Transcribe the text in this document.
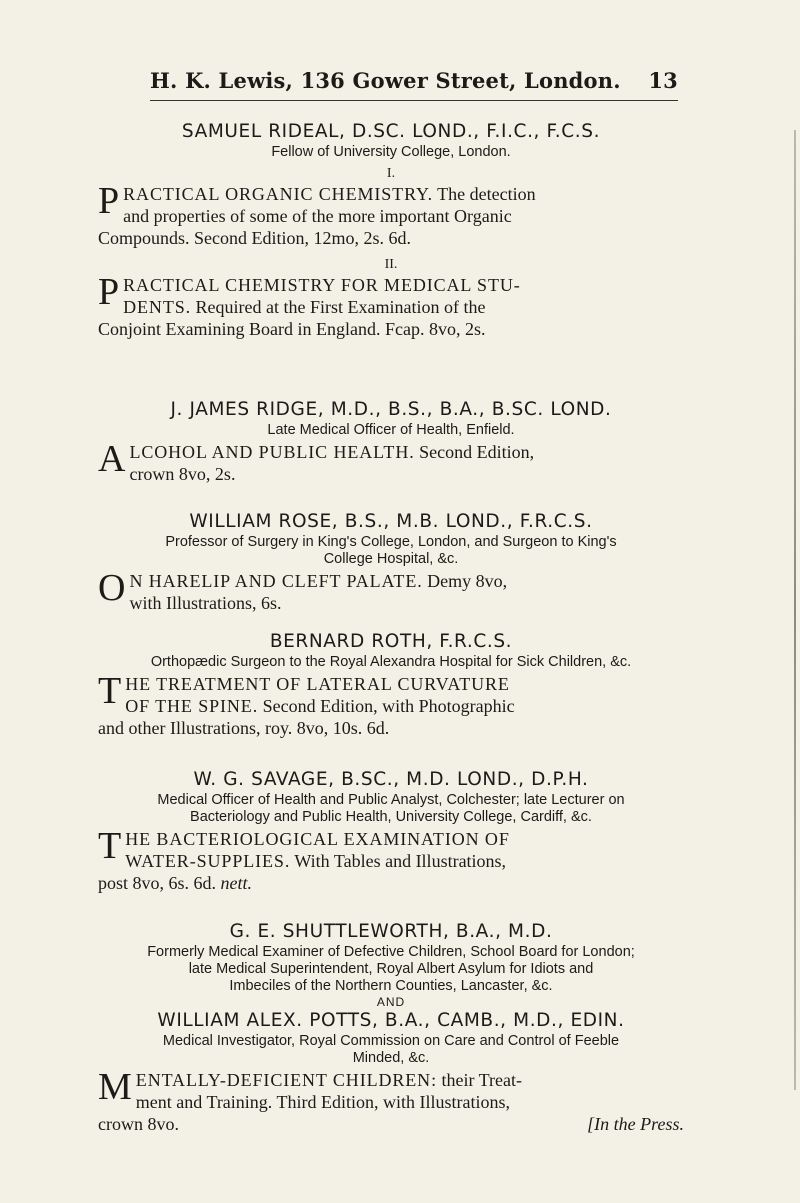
H. K. Lewis, 136 Gower Street, London. 13
SAMUEL RIDEAL, D.SC. LOND., F.I.C., F.C.S.
Fellow of University College, London.
I.
P RACTICAL ORGANIC CHEMISTRY. The detection
and properties of some of the more important Organic
Compounds. Second Edition, 12mo, 2s. 6d.
II.
P RACTICAL CHEMISTRY FOR MEDICAL STU-
DENTS. Required at the First Examination of the
Conjoint Examining Board in England. Fcap. 8vo, 2s.
J. JAMES RIDGE, M.D., B.S., B.A., B.SC. LOND.
Late Medical Officer of Health, Enfield.
A LCOHOL AND PUBLIC HEALTH. Second Edition,
crown 8vo, 2s.
WILLIAM ROSE, B.S., M.B. LOND., F.R.C.S.
Professor of Surgery in King's College, London, and Surgeon to King's
College Hospital, &c.
O N HARELIP AND CLEFT PALATE. Demy 8vo,
with Illustrations, 6s.
BERNARD ROTH, F.R.C.S.
Orthopædic Surgeon to the Royal Alexandra Hospital for Sick Children, &c.
T HE TREATMENT OF LATERAL CURVATURE
OF THE SPINE. Second Edition, with Photographic
and other Illustrations, roy. 8vo, 10s. 6d.
W. G. SAVAGE, B.SC., M.D. LOND., D.P.H.
Medical Officer of Health and Public Analyst, Colchester; late Lecturer on
Bacteriology and Public Health, University College, Cardiff, &c.
T HE BACTERIOLOGICAL EXAMINATION OF
WATER-SUPPLIES. With Tables and Illustrations,
post 8vo, 6s. 6d. nett.
G. E. SHUTTLEWORTH, B.A., M.D.
Formerly Medical Examiner of Defective Children, School Board for London;
late Medical Superintendent, Royal Albert Asylum for Idiots and
Imbeciles of the Northern Counties, Lancaster, &c.
AND
WILLIAM ALEX. POTTS, B.A., CAMB., M.D., EDIN.
Medical Investigator, Royal Commission on Care and Control of Feeble
Minded, &c.
M ENTALLY-DEFICIENT CHILDREN: their Treat-
ment and Training. Third Edition, with Illustrations,
crown 8vo.	[In the Press.
